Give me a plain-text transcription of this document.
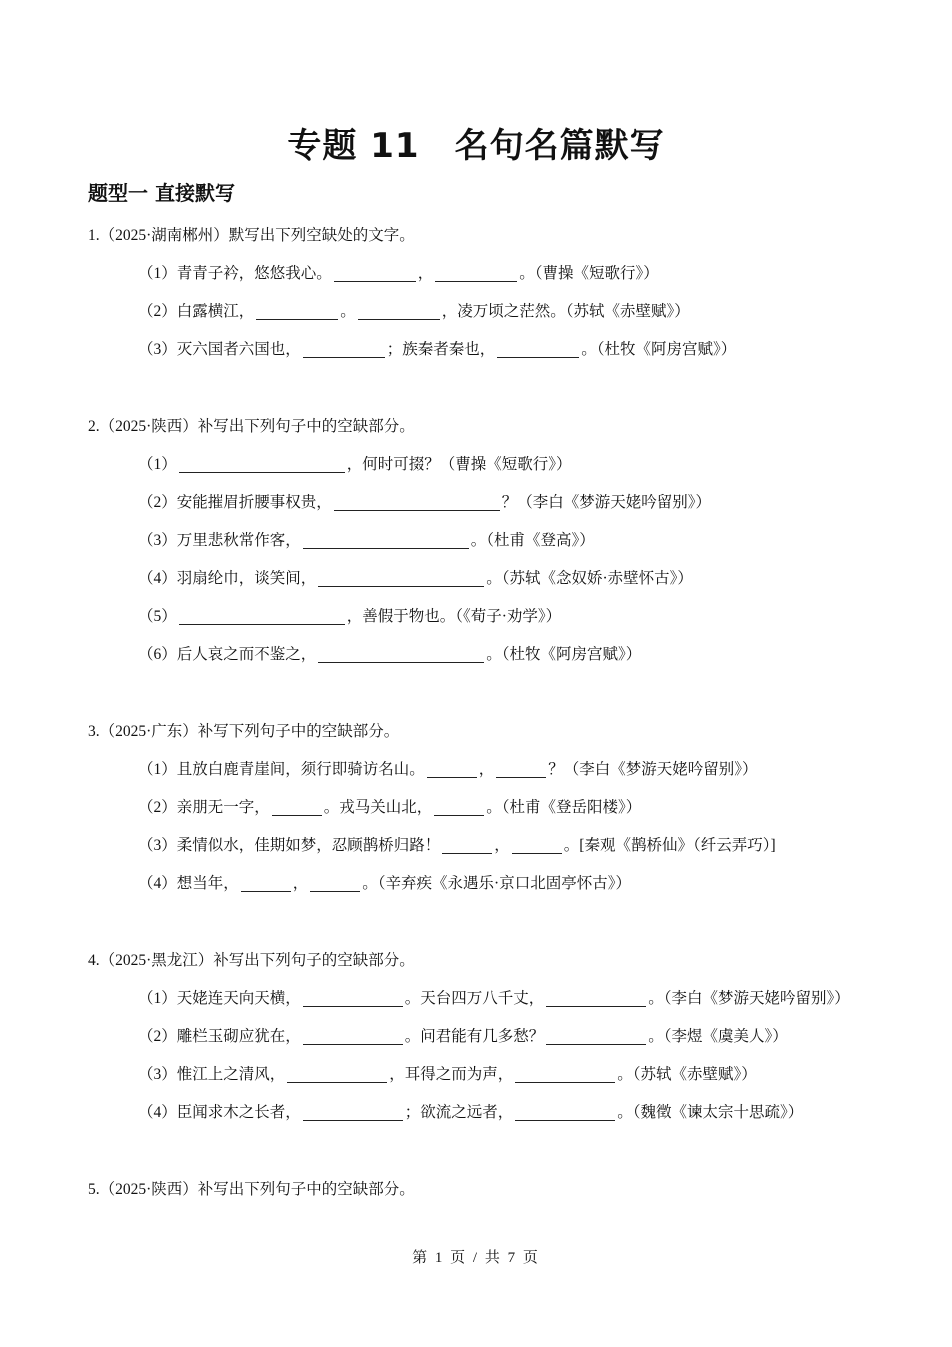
专题 11　名句名篇默写
题型一 直接默写
1.（2025·湖南郴州）默写出下列空缺处的文字。
（1）青青子衿，悠悠我心。	，	。（曹操《短歌行》）
（2）白露横江，	。	，凌万顷之茫然。（苏轼《赤壁赋》）
（3）灭六国者六国也，	；族秦者秦也，	。（杜牧《阿房宫赋》）
2.（2025·陕西）补写出下列句子中的空缺部分。
（1）	，何时可掇？（曹操《短歌行》）
（2）安能摧眉折腰事权贵，	？（李白《梦游天姥吟留别》）
（3）万里悲秋常作客，	。（杜甫《登高》）
（4）羽扇纶巾，谈笑间，	。（苏轼《念奴娇·赤壁怀古》）
（5）	，善假于物也。（《荀子·劝学》）
（6）后人哀之而不鉴之，	。（杜牧《阿房宫赋》）
3.（2025·广东）补写下列句子中的空缺部分。
（1）且放白鹿青崖间，须行即骑访名山。	，	？（李白《梦游天姥吟留别》）
（2）亲朋无一字，	。戎马关山北，	。（杜甫《登岳阳楼》）
（3）柔情似水，佳期如梦，忍顾鹊桥归路！	，	。[秦观《鹊桥仙》（纤云弄巧）]
（4）想当年，	，	。（辛弃疾《永遇乐·京口北固亭怀古》）
4.（2025·黑龙江）补写出下列句子的空缺部分。
（1）天姥连天向天横，	。天台四万八千丈，	。（李白《梦游天姥吟留别》）
（2）雕栏玉砌应犹在，	。问君能有几多愁？	。（李煜《虞美人》）
（3）惟江上之清风，	，耳得之而为声，	。（苏轼《赤壁赋》）
（4）臣闻求木之长者，	；欲流之远者，	。（魏徵《谏太宗十思疏》）
5.（2025·陕西）补写出下列句子中的空缺部分。
第 1 页 / 共 7 页
